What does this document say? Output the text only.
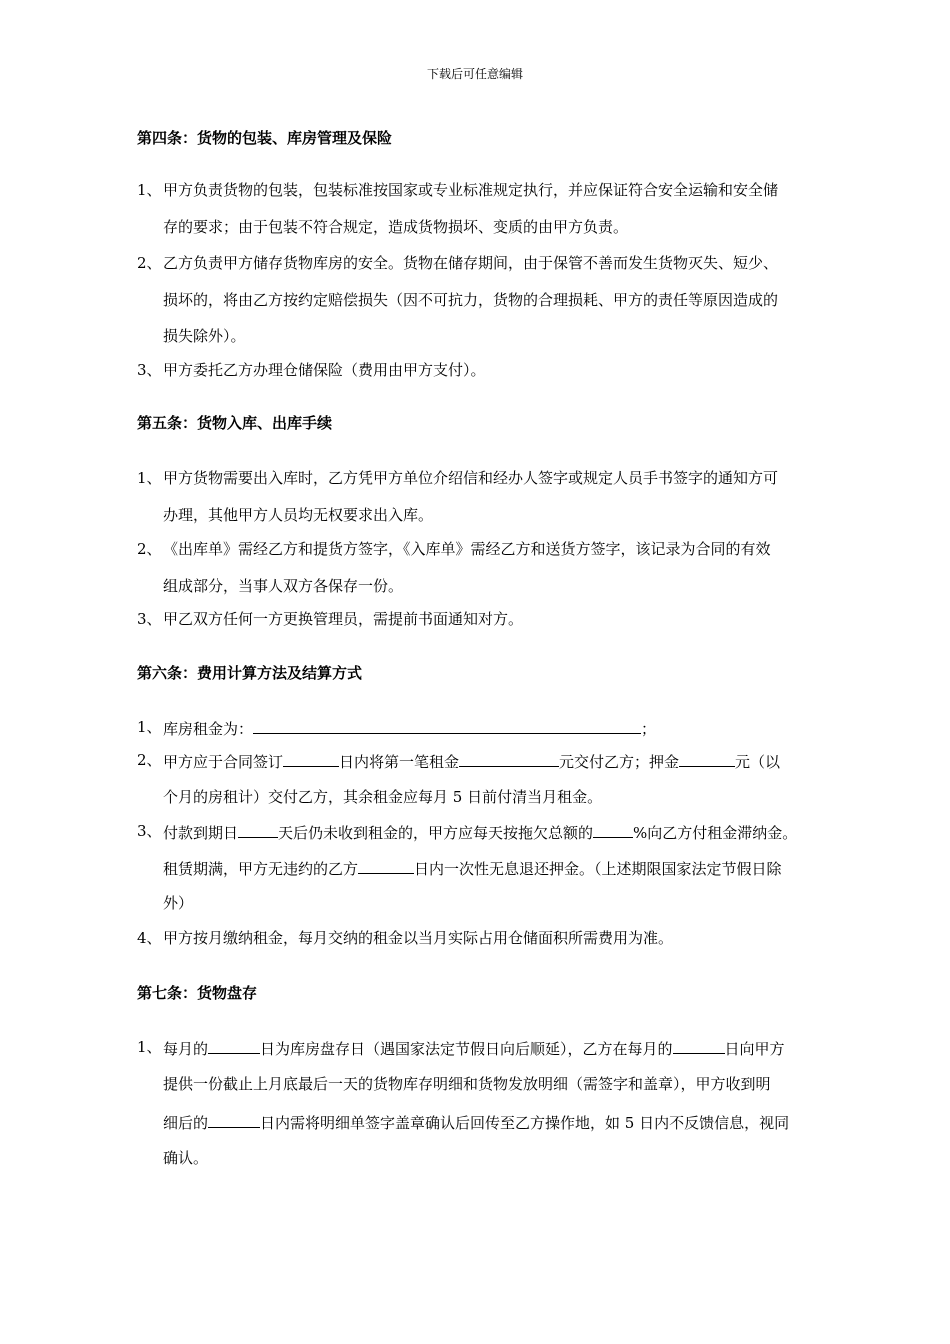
下载后可任意编辑
第四条：货物的包装、库房管理及保险
1、 甲方负责货物的包装，包装标准按国家或专业标准规定执行，并应保证符合安全运输和安全储
存的要求；由于包装不符合规定，造成货物损坏、变质的由甲方负责。
2、 乙方负责甲方储存货物库房的安全。货物在储存期间，由于保管不善而发生货物灭失、短少、
损坏的，将由乙方按约定赔偿损失（因不可抗力，货物的合理损耗、甲方的责任等原因造成的
损失除外）。
3、 甲方委托乙方办理仓储保险（费用由甲方支付）。
第五条：货物入库、出库手续
1、 甲方货物需要出入库时，乙方凭甲方单位介绍信和经办人签字或规定人员手书签字的通知方可
办理，其他甲方人员均无权要求出入库。
2、 《出库单》需经乙方和提货方签字，《入库单》需经乙方和送货方签字，该记录为合同的有效
组成部分，当事人双方各保存一份。
3、 甲乙双方任何一方更换管理员，需提前书面通知对方。
第六条：费用计算方法及结算方式
1、 库房租金为：	；
2、 甲方应于合同签订	日内将第一笔租金	元交付乙方；押金	元（以
个月的房租计）交付乙方，其余租金应每月 5 日前付清当月租金。
3、 付款到期日	天后仍未收到租金的，甲方应每天按拖欠总额的	%向乙方付租金滞纳金。
租赁期满，甲方无违约的乙方	日内一次性无息退还押金。（上述期限国家法定节假日除
外）
4、 甲方按月缴纳租金，每月交纳的租金以当月实际占用仓储面积所需费用为准。
第七条：货物盘存
1、 每月的	日为库房盘存日（遇国家法定节假日向后顺延），乙方在每月的	日向甲方
提供一份截止上月底最后一天的货物库存明细和货物发放明细（需签字和盖章），甲方收到明
细后的	日内需将明细单签字盖章确认后回传至乙方操作地，如 5 日内不反馈信息，视同
确认。
